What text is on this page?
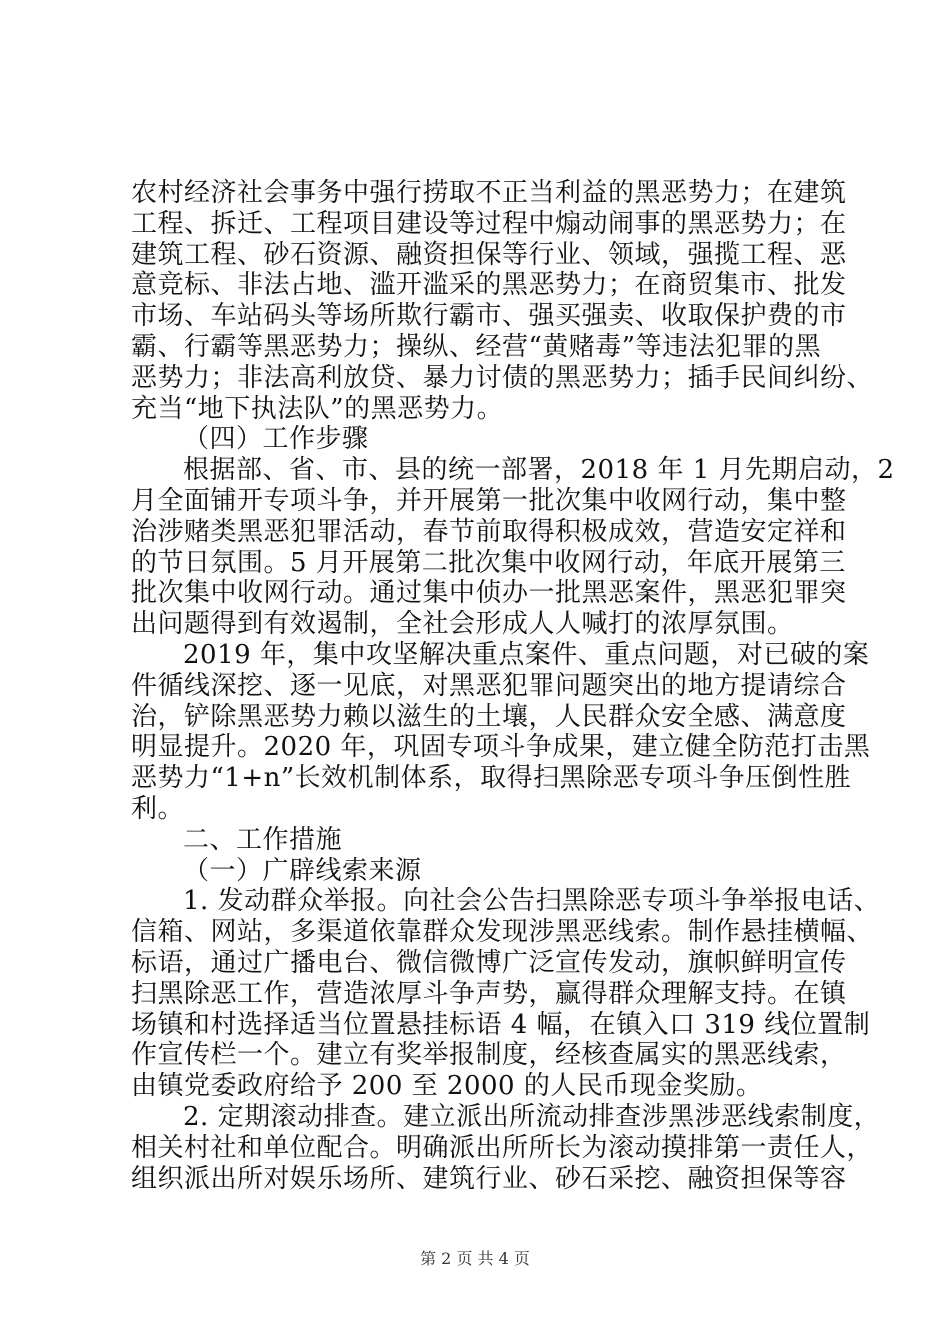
农村经济社会事务中强行捞取不正当利益的黑恶势力；在建筑
工程、拆迁、工程项目建设等过程中煽动闹事的黑恶势力；在
建筑工程、砂石资源、融资担保等行业、领域，强揽工程、恶
意竞标、非法占地、滥开滥采的黑恶势力；在商贸集市、批发
市场、车站码头等场所欺行霸市、强买强卖、收取保护费的市
霸、行霸等黑恶势力；操纵、经营“黄赌毒”等违法犯罪的黑
恶势力；非法高利放贷、暴力讨债的黑恶势力；插手民间纠纷、
充当“地下执法队”的黑恶势力。
（四）工作步骤
根据部、省、市、县的统一部署，2018 年 1 月先期启动，2
月全面铺开专项斗争，并开展第一批次集中收网行动，集中整
治涉赌类黑恶犯罪活动，春节前取得积极成效，营造安定祥和
的节日氛围。5 月开展第二批次集中收网行动，年底开展第三
批次集中收网行动。通过集中侦办一批黑恶案件，黑恶犯罪突
出问题得到有效遏制，全社会形成人人喊打的浓厚氛围。
2019 年，集中攻坚解决重点案件、重点问题，对已破的案
件循线深挖、逐一见底，对黑恶犯罪问题突出的地方提请综合
治，铲除黑恶势力赖以滋生的土壤，人民群众安全感、满意度
明显提升。2020 年，巩固专项斗争成果，建立健全防范打击黑
恶势力“1+n”长效机制体系，取得扫黑除恶专项斗争压倒性胜
利。
二、工作措施
（一）广辟线索来源
1. 发动群众举报。向社会公告扫黑除恶专项斗争举报电话、
信箱、网站，多渠道依靠群众发现涉黑恶线索。制作悬挂横幅、
标语，通过广播电台、微信微博广泛宣传发动，旗帜鲜明宣传
扫黑除恶工作，营造浓厚斗争声势，赢得群众理解支持。在镇
场镇和村选择适当位置悬挂标语 4 幅，在镇入口 319 线位置制
作宣传栏一个。建立有奖举报制度，经核查属实的黑恶线索，
由镇党委政府给予 200 至 2000 的人民币现金奖励。
2. 定期滚动排查。建立派出所流动排查涉黑涉恶线索制度，
相关村社和单位配合。明确派出所所长为滚动摸排第一责任人，
组织派出所对娱乐场所、建筑行业、砂石采挖、融资担保等容
第 2 页 共 4 页
